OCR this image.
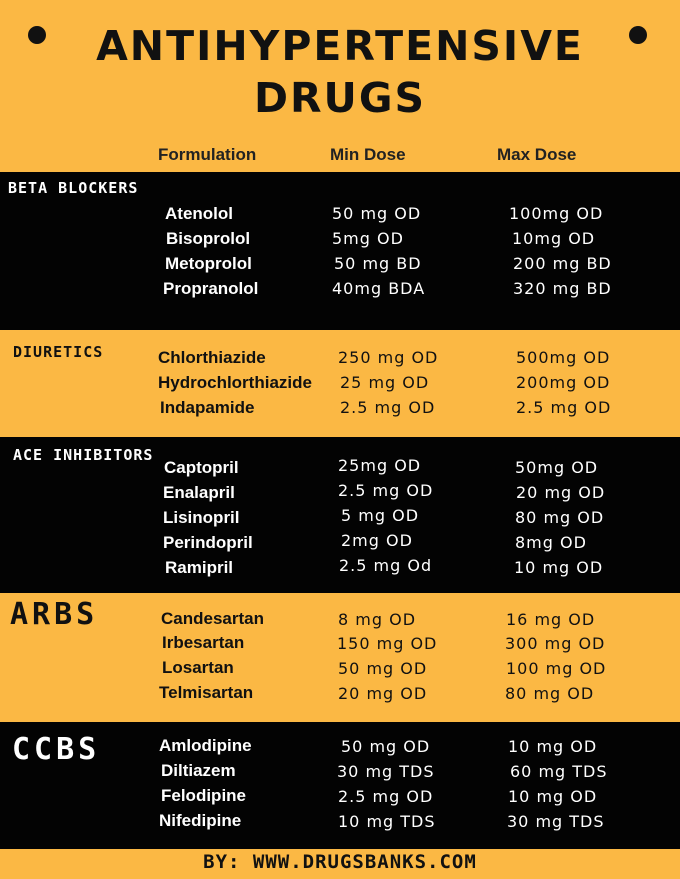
ANTIHYPERTENSIVE
DRUGS
Formulation	Min Dose	Max Dose
BETA BLOCKERS
Atenolol	50 mg OD	100mg OD
Bisoprolol	5mg OD	10mg OD
Metoprolol	50 mg BD	200 mg BD
Propranolol	40mg BDA	320 mg BD
DIURETICS	Chlorthiazide	250 mg OD	500mg OD
Hydrochlorthiazide 25 mg OD	200mg OD
Indapamide	2.5 mg OD	2.5 mg OD
ACE INHIBITORS
Captopril	25mg OD	50mg OD
Enalapril	2.5 mg OD	20 mg OD
Lisinopril	5 mg OD	80 mg OD
Perindopril	2mg OD	8mg OD
Ramipril	2.5 mg Od	10 mg OD
ARBS	Candesartan	8 mg OD	16 mg OD
Irbesartan	150 mg OD	300 mg OD
Losartan	50 mg OD	100 mg OD
Telmisartan	20 mg OD	80 mg OD
CCBS	Amlodipine	50 mg OD	10 mg OD
Diltiazem	30 mg TDS	60 mg TDS
Felodipine	2.5 mg OD	10 mg OD
Nifedipine	10 mg TDS	30 mg TDS
BY: WWW.DRUGSBANKS.COM
